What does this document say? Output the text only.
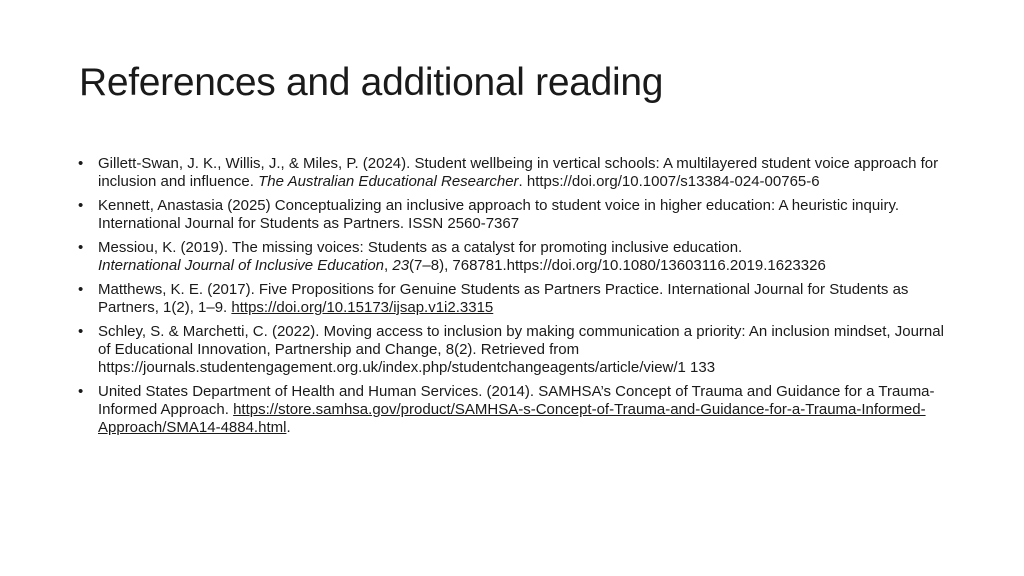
References and additional reading
• Gillett-Swan, J. K., Willis, J., & Miles, P. (2024). Student wellbeing in vertical schools: A multilayered student voice approach for inclusion and influence. The Australian Educational Researcher. https://doi.org/10.1007/s13384-024-00765-6
• Kennett, Anastasia (2025) Conceptualizing an inclusive approach to student voice in higher education: A heuristic inquiry. International Journal for Students as Partners. ISSN 2560-7367
• Messiou, K. (2019). The missing voices: Students as a catalyst for promoting inclusive education.
International Journal of Inclusive Education, 23(7–8), 768781.https://doi.org/10.1080/13603116.2019.1623326
• Matthews, K. E. (2017). Five Propositions for Genuine Students as Partners Practice. International Journal for Students as Partners, 1(2), 1–9. https://doi.org/10.15173/ijsap.v1i2.3315
• Schley, S. & Marchetti, C. (2022). Moving access to inclusion by making communication a priority: An inclusion mindset, Journal of Educational Innovation, Partnership and Change, 8(2). Retrieved from https://journals.studentengagement.org.uk/index.php/studentchangeagents/article/view/1 133
• United States Department of Health and Human Services. (2014). SAMHSA’s Concept of Trauma and Guidance for a Trauma-Informed Approach. https://store.samhsa.gov/product/SAMHSA-s-Concept-of-Trauma-and-Guidance-for-a-Trauma-Informed-Approach/SMA14-4884.html.
